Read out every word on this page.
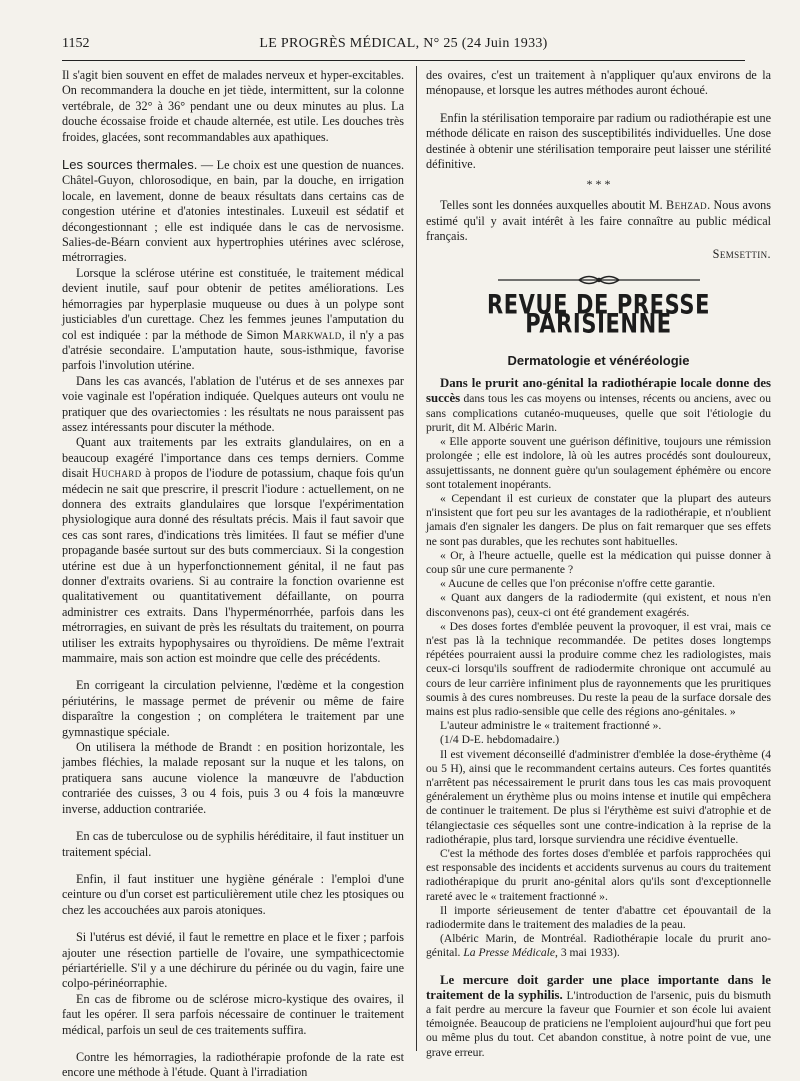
1152	LE PROGRÈS MÉDICAL, N° 25 (24 Juin 1933)

Il s'agit bien souvent en effet de malades nerveux et hyper-excitables. On recommandera la douche en jet tiède, intermittent, sur la colonne vertébrale, de 32° à 36° pendant une ou deux minutes au plus. La douche écossaise froide et chaude alternée, est utile. Les douches très froides, glacées, sont recommandables aux apathiques.

Les sources thermales. — Le choix est une question de nuances. Châtel-Guyon, chlorosodique, en bain, par la douche, en irrigation locale, en lavement, donne de beaux résultats dans certains cas de congestion utérine et d'atonies intestinales. Luxeuil est sédatif et décongestionnant ; elle est indiquée dans le cas de nervosisme. Salies-de-Béarn convient aux hypertrophies utérines avec sclérose, métrorragies.

Lorsque la sclérose utérine est constituée, le traitement médical devient inutile, sauf pour obtenir de petites améliorations. Les hémorragies par hyperplasie muqueuse ou dues à un polype sont justiciables d'un curettage. Chez les femmes jeunes l'amputation du col est indiquée : par la méthode de Simon Markwald, il n'y a pas d'atrésie secondaire. L'amputation haute, sous-isthmique, favorise parfois l'involution utérine.

Dans les cas avancés, l'ablation de l'utérus et de ses annexes par voie vaginale est l'opération indiquée. Quelques auteurs ont voulu ne pratiquer que des ovariectomies : les résultats ne nous paraissent pas assez intéressants pour discuter la méthode.

Quant aux traitements par les extraits glandulaires, on en a beaucoup exagéré l'importance dans ces temps derniers. Comme disait Huchard à propos de l'iodure de potassium, chaque fois qu'un médecin ne sait que prescrire, il prescrit l'iodure : actuellement, on ne donnera des extraits glandulaires que lorsque l'expérimentation physiologique aura donné des résultats précis. Mais il faut savoir que ces cas sont rares, d'indications très limitées. Il faut se méfier d'une propagande basée surtout sur des buts commerciaux. Si la congestion utérine est due à un hyperfonctionnement génital, il ne faut pas donner d'extraits ovariens. Si au contraire la fonction ovarienne est qualitativement ou quantitativement défaillante, on pourra administrer ces extraits. Dans l'hyperménorrhée, parfois dans les métrorragies, en suivant de près les résultats du traitement, on pourra utiliser les extraits hypophysaires ou thyroïdiens. De même l'extrait mammaire, mais son action est moindre que celle des précédents.

En corrigeant la circulation pelvienne, l'œdème et la congestion périutérins, le massage permet de prévenir ou même de faire disparaître la congestion ; on complétera le traitement par une gymnastique spéciale.

On utilisera la méthode de Brandt : en position horizontale, les jambes fléchies, la malade reposant sur la nuque et les talons, on pratiquera sans aucune violence la manœuvre de l'abduction contrariée des cuisses, 3 ou 4 fois, puis 3 ou 4 fois la manœuvre inverse, adduction contrariée.

En cas de tuberculose ou de syphilis héréditaire, il faut instituer un traitement spécial.

Enfin, il faut instituer une hygiène générale : l'emploi d'une ceinture ou d'un corset est particulièrement utile chez les ptosiques ou chez les accouchées aux parois atoniques.

Si l'utérus est dévié, il faut le remettre en place et le fixer ; parfois ajouter une résection partielle de l'ovaire, une sympathicectomie périartérielle. S'il y a une déchirure du périnée ou du vagin, faire une colpo-périnéorraphie.

En cas de fibrome ou de sclérose micro-kystique des ovaires, il faut les opérer. Il sera parfois nécessaire de continuer le traitement médical, parfois un seul de ces traitements suffira.

Contre les hémorragies, la radiothérapie profonde de la rate est encore une méthode à l'étude. Quant à l'irradiation

des ovaires, c'est un traitement à n'appliquer qu'aux environs de la ménopause, et lorsque les autres méthodes auront échoué.

Enfin la stérilisation temporaire par radium ou radiothérapie est une méthode délicate en raison des susceptibilités individuelles. Une dose destinée à obtenir une stérilisation temporaire peut laisser une stérilité définitive.

* * *

Telles sont les données auxquelles aboutit M. Behzad. Nous avons estimé qu'il y avait intérêt à les faire connaître au public médical français.

Semsettin.
REVUE DE PRESSE PARISIENNE
Dermatologie et vénéréologie

Dans le prurit ano-génital la radiothérapie locale donne des succès dans tous les cas moyens ou intenses, récents ou anciens, avec ou sans complications cutanéo-muqueuses, quelle que soit l'étiologie du prurit, dit M. Albéric Marin.

« Elle apporte souvent une guérison définitive, toujours une rémission prolongée ; elle est indolore, là où les autres procédés sont douloureux, assujettissants, ne donnent guère qu'un soulagement éphémère ou encore sont totalement inopérants.

« Cependant il est curieux de constater que la plupart des auteurs n'insistent que fort peu sur les avantages de la radiothérapie, et n'oublient jamais d'en signaler les dangers. De plus on fait remarquer que ses effets ne sont pas durables, que les rechutes sont habituelles.

« Or, à l'heure actuelle, quelle est la médication qui puisse donner à coup sûr une cure permanente ?

« Aucune de celles que l'on préconise n'offre cette garantie.

« Quant aux dangers de la radiodermite (qui existent, et nous n'en disconvenons pas), ceux-ci ont été grandement exagérés.

« Des doses fortes d'emblée peuvent la provoquer, il est vrai, mais ce n'est pas là la technique recommandée. De petites doses longtemps répétées pourraient aussi la produire comme chez les radiologistes, mais ceux-ci lorsqu'ils souffrent de radiodermite chronique ont accumulé au cours de leur carrière infiniment plus de rayonnements que les pruritiques soumis à des cures nombreuses. Du reste la peau de la surface dorsale des mains est plus radio-sensible que celle des régions ano-génitales. »

L'auteur administre le « traitement fractionné ».

(1/4 D-E. hebdomadaire.)

Il est vivement déconseillé d'administrer d'emblée la dose-érythème (4 ou 5 H), ainsi que le recommandent certains auteurs. Ces fortes quantités n'arrêtent pas nécessairement le prurit dans tous les cas mais provoquent généralement un érythème plus ou moins intense et inutile qui empêchera de continuer le traitement. De plus si l'érythème est suivi d'atrophie et de télangiectasie ces séquelles sont une contre-indication à la reprise de la radiothérapie, plus tard, lorsque surviendra une récidive éventuelle.

C'est la méthode des fortes doses d'emblée et parfois rapprochées qui est responsable des incidents et accidents survenus au cours du traitement radiothérapique du prurit ano-génital alors qu'ils sont d'exceptionnelle rareté avec le « traitement fractionné ».

Il importe sérieusement de tenter d'abattre cet épouvantail de la radiodermite dans le traitement des maladies de la peau.

(Albéric Marin, de Montréal. Radiothérapie locale du prurit ano-génital. La Presse Médicale, 3 mai 1933).

Le mercure doit garder une place importante dans le traitement de la syphilis. L'introduction de l'arsenic, puis du bismuth a fait perdre au mercure la faveur que Fournier et son école lui avaient témoignée. Beaucoup de praticiens ne l'emploient aujourd'hui que fort peu ou même plus du tout. Cet abandon constitue, à notre point de vue, une grave erreur.
